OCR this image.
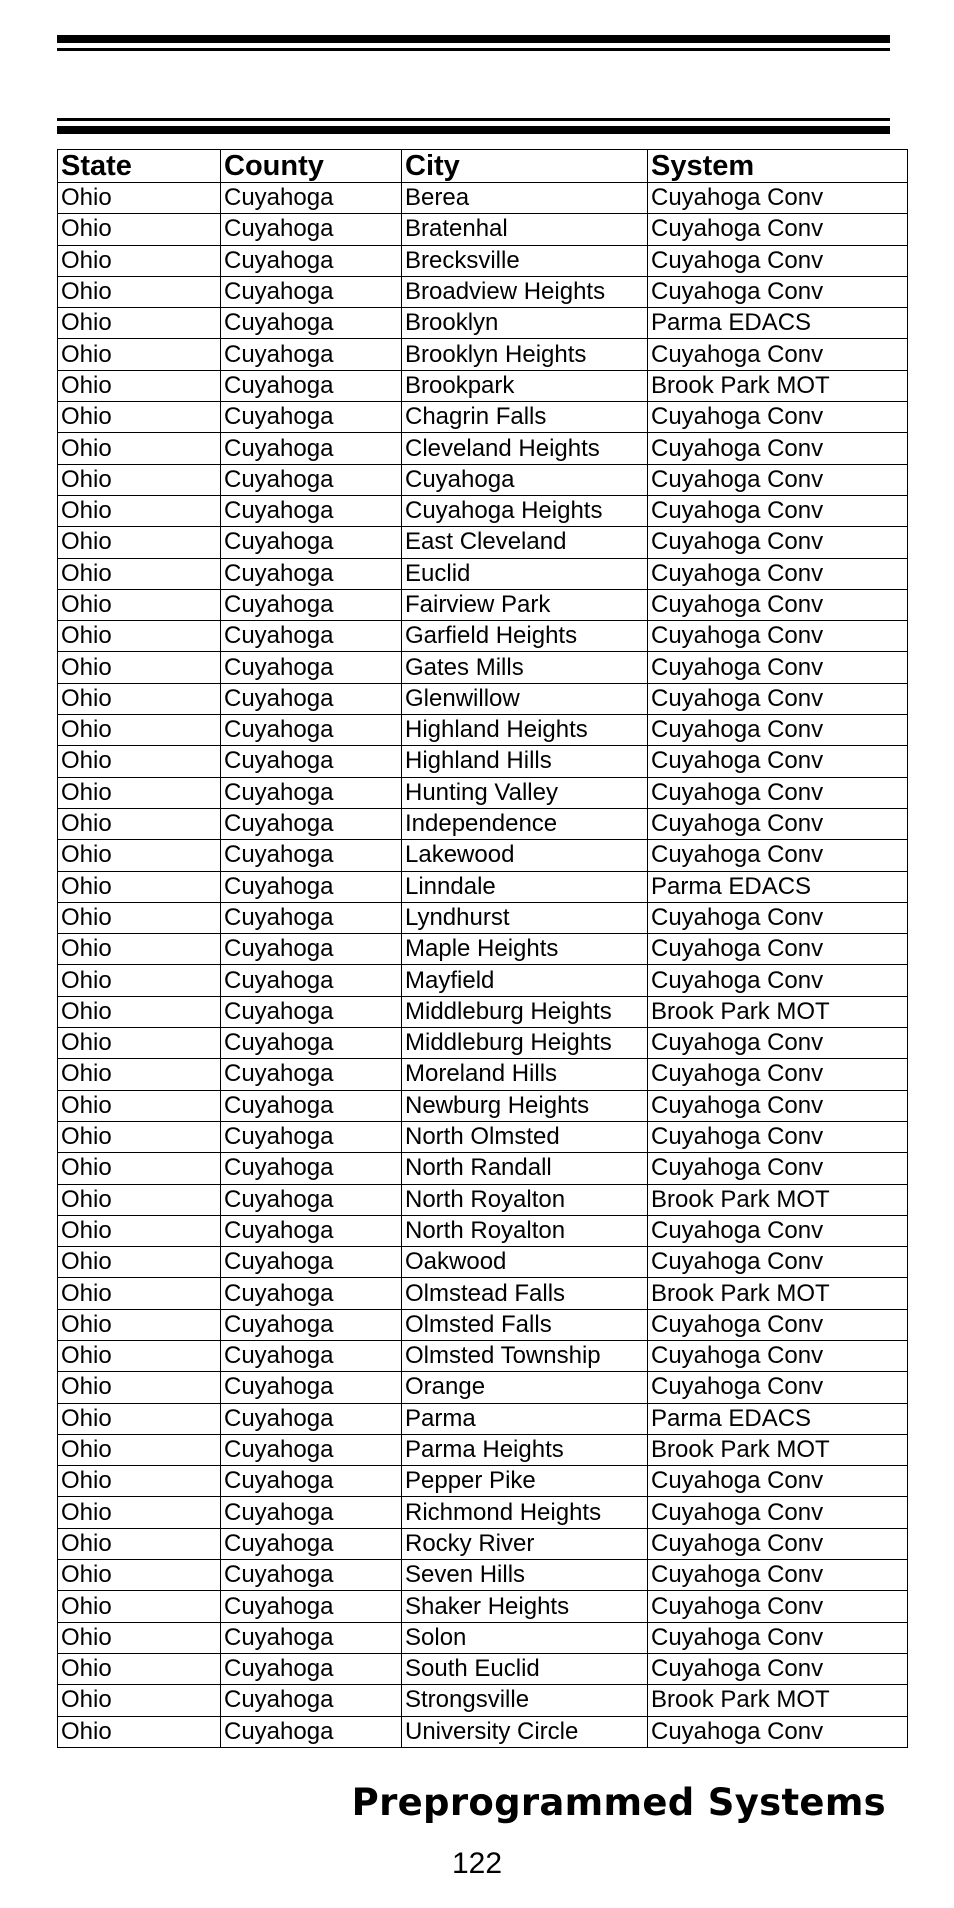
State	County	City	System
Ohio	Cuyahoga	Berea	Cuyahoga Conv
Ohio	Cuyahoga	Bratenhal	Cuyahoga Conv
Ohio	Cuyahoga	Brecksville	Cuyahoga Conv
Ohio	Cuyahoga	Broadview Heights	Cuyahoga Conv
Ohio	Cuyahoga	Brooklyn	Parma EDACS
Ohio	Cuyahoga	Brooklyn Heights	Cuyahoga Conv
Ohio	Cuyahoga	Brookpark	Brook Park MOT
Ohio	Cuyahoga	Chagrin Falls	Cuyahoga Conv
Ohio	Cuyahoga	Cleveland Heights	Cuyahoga Conv
Ohio	Cuyahoga	Cuyahoga	Cuyahoga Conv
Ohio	Cuyahoga	Cuyahoga Heights	Cuyahoga Conv
Ohio	Cuyahoga	East Cleveland	Cuyahoga Conv
Ohio	Cuyahoga	Euclid	Cuyahoga Conv
Ohio	Cuyahoga	Fairview Park	Cuyahoga Conv
Ohio	Cuyahoga	Garfield Heights	Cuyahoga Conv
Ohio	Cuyahoga	Gates Mills	Cuyahoga Conv
Ohio	Cuyahoga	Glenwillow	Cuyahoga Conv
Ohio	Cuyahoga	Highland Heights	Cuyahoga Conv
Ohio	Cuyahoga	Highland Hills	Cuyahoga Conv
Ohio	Cuyahoga	Hunting Valley	Cuyahoga Conv
Ohio	Cuyahoga	Independence	Cuyahoga Conv
Ohio	Cuyahoga	Lakewood	Cuyahoga Conv
Ohio	Cuyahoga	Linndale	Parma EDACS
Ohio	Cuyahoga	Lyndhurst	Cuyahoga Conv
Ohio	Cuyahoga	Maple Heights	Cuyahoga Conv
Ohio	Cuyahoga	Mayfield	Cuyahoga Conv
Ohio	Cuyahoga	Middleburg Heights	Brook Park MOT
Ohio	Cuyahoga	Middleburg Heights	Cuyahoga Conv
Ohio	Cuyahoga	Moreland Hills	Cuyahoga Conv
Ohio	Cuyahoga	Newburg Heights	Cuyahoga Conv
Ohio	Cuyahoga	North Olmsted	Cuyahoga Conv
Ohio	Cuyahoga	North Randall	Cuyahoga Conv
Ohio	Cuyahoga	North Royalton	Brook Park MOT
Ohio	Cuyahoga	North Royalton	Cuyahoga Conv
Ohio	Cuyahoga	Oakwood	Cuyahoga Conv
Ohio	Cuyahoga	Olmstead Falls	Brook Park MOT
Ohio	Cuyahoga	Olmsted Falls	Cuyahoga Conv
Ohio	Cuyahoga	Olmsted Township	Cuyahoga Conv
Ohio	Cuyahoga	Orange	Cuyahoga Conv
Ohio	Cuyahoga	Parma	Parma EDACS
Ohio	Cuyahoga	Parma Heights	Brook Park MOT
Ohio	Cuyahoga	Pepper Pike	Cuyahoga Conv
Ohio	Cuyahoga	Richmond Heights	Cuyahoga Conv
Ohio	Cuyahoga	Rocky River	Cuyahoga Conv
Ohio	Cuyahoga	Seven Hills	Cuyahoga Conv
Ohio	Cuyahoga	Shaker Heights	Cuyahoga Conv
Ohio	Cuyahoga	Solon	Cuyahoga Conv
Ohio	Cuyahoga	South Euclid	Cuyahoga Conv
Ohio	Cuyahoga	Strongsville	Brook Park MOT
Ohio	Cuyahoga	University Circle	Cuyahoga Conv
Preprogrammed Systems
122
